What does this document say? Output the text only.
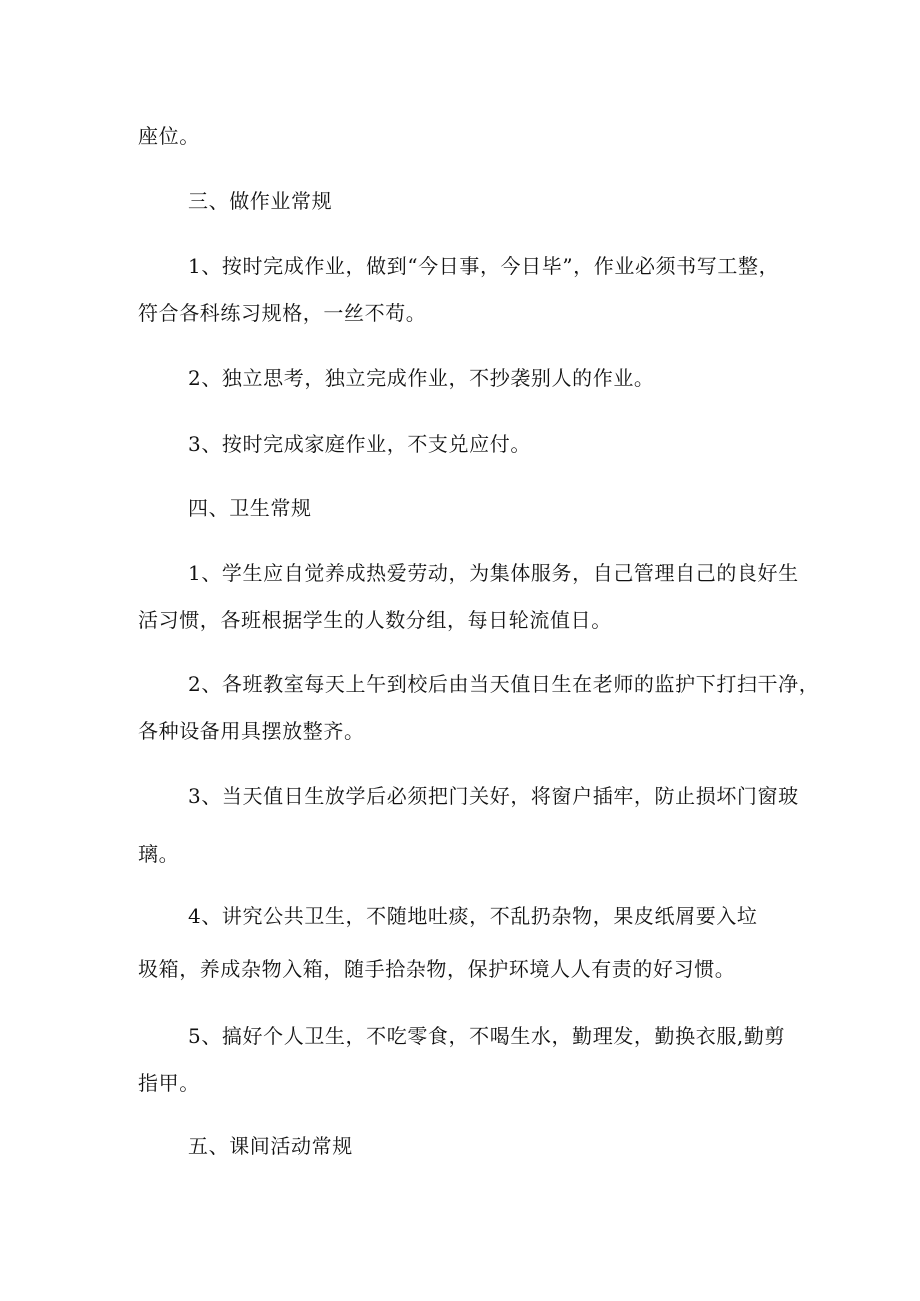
座位。
三、做作业常规
1、按时完成作业，做到“今日事，今日毕”，作业必须书写工整，
符合各科练习规格，一丝不苟。
2、独立思考，独立完成作业，不抄袭别人的作业。
3、按时完成家庭作业，不支兑应付。
四、卫生常规
1、学生应自觉养成热爱劳动，为集体服务，自己管理自己的良好生
活习惯，各班根据学生的人数分组，每日轮流值日。
2、各班教室每天上午到校后由当天值日生在老师的监护下打扫干净，
各种设备用具摆放整齐。
3、当天值日生放学后必须把门关好，将窗户插牢，防止损坏门窗玻
璃。
4、讲究公共卫生，不随地吐痰，不乱扔杂物，果皮纸屑要入垃
圾箱，养成杂物入箱，随手拾杂物，保护环境人人有责的好习惯。
5、搞好个人卫生，不吃零食，不喝生水，勤理发，勤换衣服,勤剪
指甲。
五、课间活动常规
